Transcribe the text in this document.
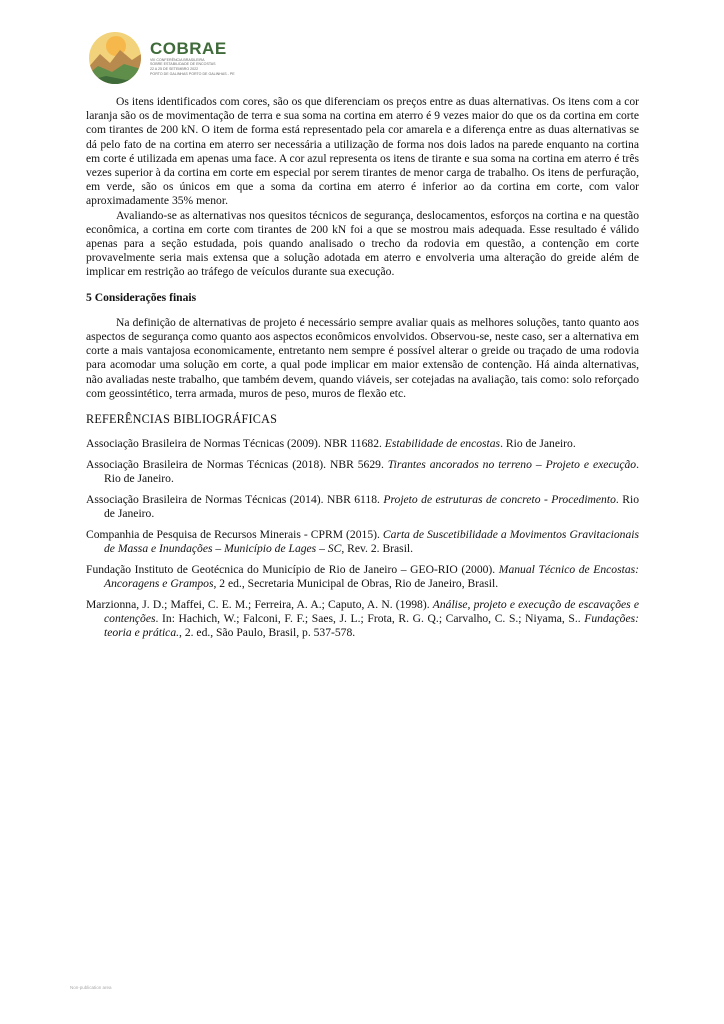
COBRAE
VIII CONFERÊNCIA BRASILEIRA
SOBRE ESTABILIDADE DE ENCOSTAS
22 A 25 DE SETEMBRO 2022
PORTO DE GALINHAS PORTO DE GALINHAS - PE

Os itens identificados com cores, são os que diferenciam os preços entre as duas alternativas. Os itens com a cor laranja são os de movimentação de terra e sua soma na cortina em aterro é 9 vezes maior do que os da cortina em corte com tirantes de 200 kN. O item de forma está representado pela cor amarela e a diferença entre as duas alternativas se dá pelo fato de na cortina em aterro ser necessária a utilização de forma nos dois lados na parede enquanto na cortina em corte é utilizada em apenas uma face. A cor azul representa os itens de tirante e sua soma na cortina em aterro é três vezes superior à da cortina em corte em especial por serem tirantes de menor carga de trabalho. Os itens de perfuração, em verde, são os únicos em que a soma da cortina em aterro é inferior ao da cortina em corte, com valor aproximadamente 35% menor.

Avaliando-se as alternativas nos quesitos técnicos de segurança, deslocamentos, esforços na cortina e na questão econômica, a cortina em corte com tirantes de 200 kN foi a que se mostrou mais adequada. Esse resultado é válido apenas para a seção estudada, pois quando analisado o trecho da rodovia em questão, a contenção em corte provavelmente seria mais extensa que a solução adotada em aterro e envolveria uma alteração do greide além de implicar em restrição ao tráfego de veículos durante sua execução.

5 Considerações finais

Na definição de alternativas de projeto é necessário sempre avaliar quais as melhores soluções, tanto quanto aos aspectos de segurança como quanto aos aspectos econômicos envolvidos. Observou-se, neste caso, ser a alternativa em corte a mais vantajosa economicamente, entretanto nem sempre é possível alterar o greide ou traçado de uma rodovia para acomodar uma solução em corte, a qual pode implicar em maior extensão de contenção. Há ainda alternativas, não avaliadas neste trabalho, que também devem, quando viáveis, ser cotejadas na avaliação, tais como: solo reforçado com geossintético, terra armada, muros de peso, muros de flexão etc.

REFERÊNCIAS BIBLIOGRÁFICAS

Associação Brasileira de Normas Técnicas (2009). NBR 11682. Estabilidade de encostas. Rio de Janeiro.

Associação Brasileira de Normas Técnicas (2018). NBR 5629. Tirantes ancorados no terreno – Projeto e execução. Rio de Janeiro.

Associação Brasileira de Normas Técnicas (2014). NBR 6118. Projeto de estruturas de concreto - Procedimento. Rio de Janeiro.

Companhia de Pesquisa de Recursos Minerais - CPRM (2015). Carta de Suscetibilidade a Movimentos Gravitacionais de Massa e Inundações – Município de Lages – SC, Rev. 2. Brasil.

Fundação Instituto de Geotécnica do Município de Rio de Janeiro – GEO-RIO (2000). Manual Técnico de Encostas: Ancoragens e Grampos, 2 ed., Secretaria Municipal de Obras, Rio de Janeiro, Brasil.

Marzionna, J. D.; Maffei, C. E. M.; Ferreira, A. A.; Caputo, A. N. (1998). Análise, projeto e execução de escavações e contenções. In: Hachich, W.; Falconi, F. F.; Saes, J. L.; Frota, R. G. Q.; Carvalho, C. S.; Niyama, S.. Fundações: teoria e prática., 2. ed., São Paulo, Brasil, p. 537-578.

Non-publication area
